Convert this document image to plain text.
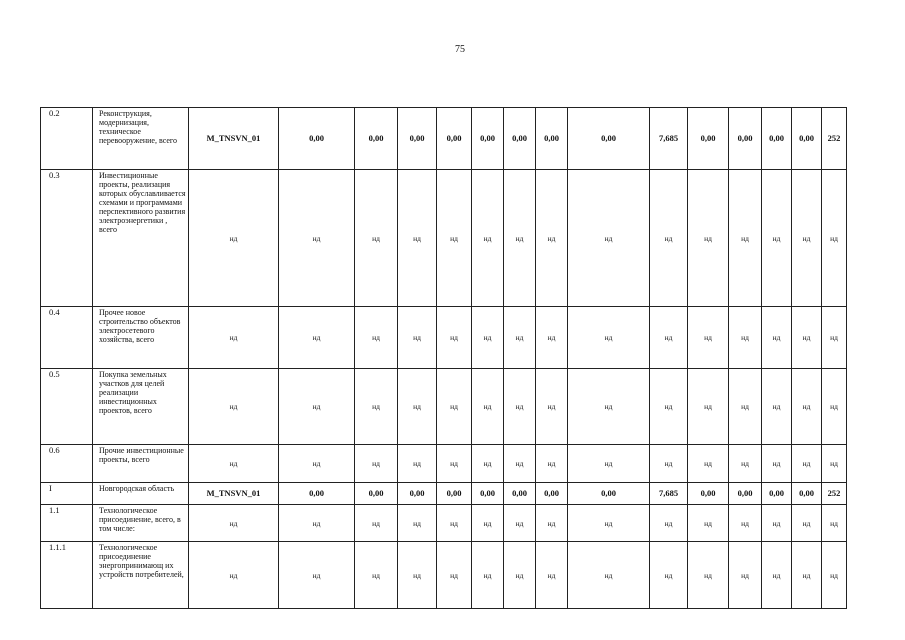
75
0.2	Реконструкция, модернизация, техническое перевооружение, всего	M_TNSVN_01	0,00	0,00	0,00	0,00	0,00	0,00	0,00	0,00	7,685	0,00	0,00	0,00	0,00	252
0.3	Инвестиционные проекты, реализация которых обуславливается схемами и программами перспективного развития электроэнергетики , всего	нд	нд	нд	нд	нд	нд	нд	нд	нд	нд	нд	нд	нд	нд	нд
0.4	Прочее новое строительство объектов электросетевого хозяйства, всего	нд	нд	нд	нд	нд	нд	нд	нд	нд	нд	нд	нд	нд	нд	нд
0.5	Покупка земельных участков для целей реализации инвестиционных проектов, всего	нд	нд	нд	нд	нд	нд	нд	нд	нд	нд	нд	нд	нд	нд	нд
0.6	Прочие инвестиционные проекты, всего	нд	нд	нд	нд	нд	нд	нд	нд	нд	нд	нд	нд	нд	нд	нд
I	Новгородская область	M_TNSVN_01	0,00	0,00	0,00	0,00	0,00	0,00	0,00	0,00	7,685	0,00	0,00	0,00	0,00	252
1.1	Технологическое присоединение, всего, в том числе:	нд	нд	нд	нд	нд	нд	нд	нд	нд	нд	нд	нд	нд	нд	нд
1.1.1	Технологическое присоединение энергопринимающ их устройств потребителей,	нд	нд	нд	нд	нд	нд	нд	нд	нд	нд	нд	нд	нд	нд	нд
